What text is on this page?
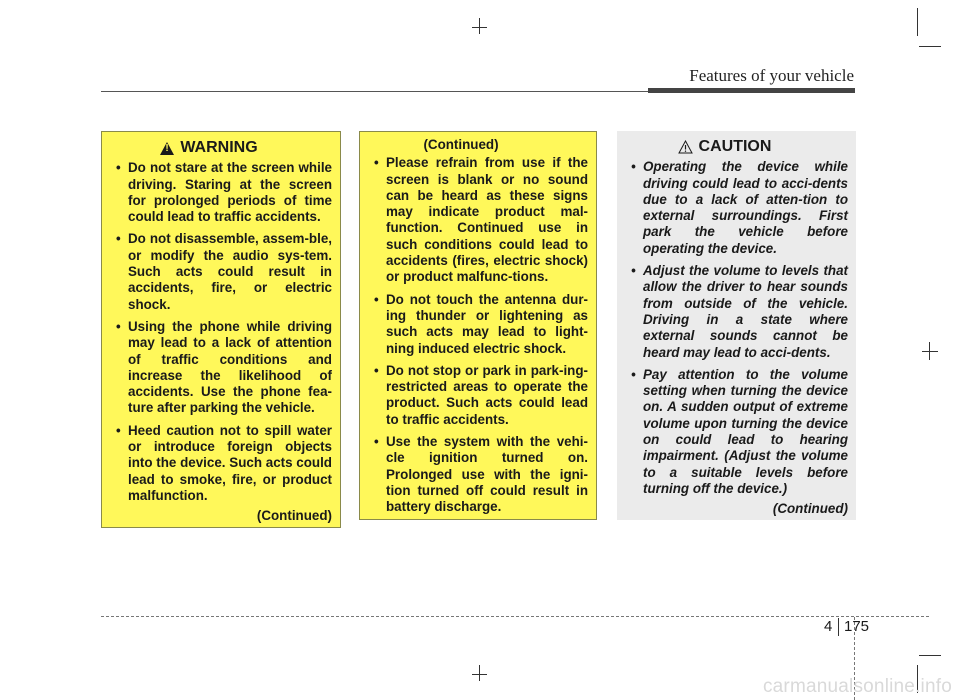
Features of your vehicle
!
WARNING
• Do not stare at the screen while driving. Staring at the screen for prolonged periods of time could lead to traffic accidents.
• Do not disassemble, assem-ble, or modify the audio sys-tem. Such acts could result in accidents, fire, or electric shock.
• Using the phone while driving may lead to a lack of attention of traffic conditions and increase the likelihood of accidents. Use the phone fea-ture after parking the vehicle.
• Heed caution not to spill water or introduce foreign objects into the device. Such acts could lead to smoke, fire, or product malfunction.
(Continued)
(Continued)
• Please refrain from use if the screen is blank or no sound can be heard as these signs may indicate product mal-function. Continued use in such conditions could lead to accidents (fires, electric shock) or product malfunc-tions.
• Do not touch the antenna dur-ing thunder or lightening as such acts may lead to light-ning induced electric shock.
• Do not stop or park in park-ing-restricted areas to operate the product. Such acts could lead to traffic accidents.
• Use the system with the vehi-cle ignition turned on. Prolonged use with the igni-tion turned off could result in battery discharge.
CAUTION
• Operating the device while driving could lead to acci-dents due to a lack of atten-tion to external surroundings. First park the vehicle before operating the device.
• Adjust the volume to levels that allow the driver to hear sounds from outside of the vehicle. Driving in a state where external sounds cannot be heard may lead to acci-dents.
• Pay attention to the volume setting when turning the device on. A sudden output of extreme volume upon turning the device on could lead to hearing impairment. (Adjust the volume to a suitable levels before turning off the device.)
(Continued)
4 175
carmanualsonline.info
